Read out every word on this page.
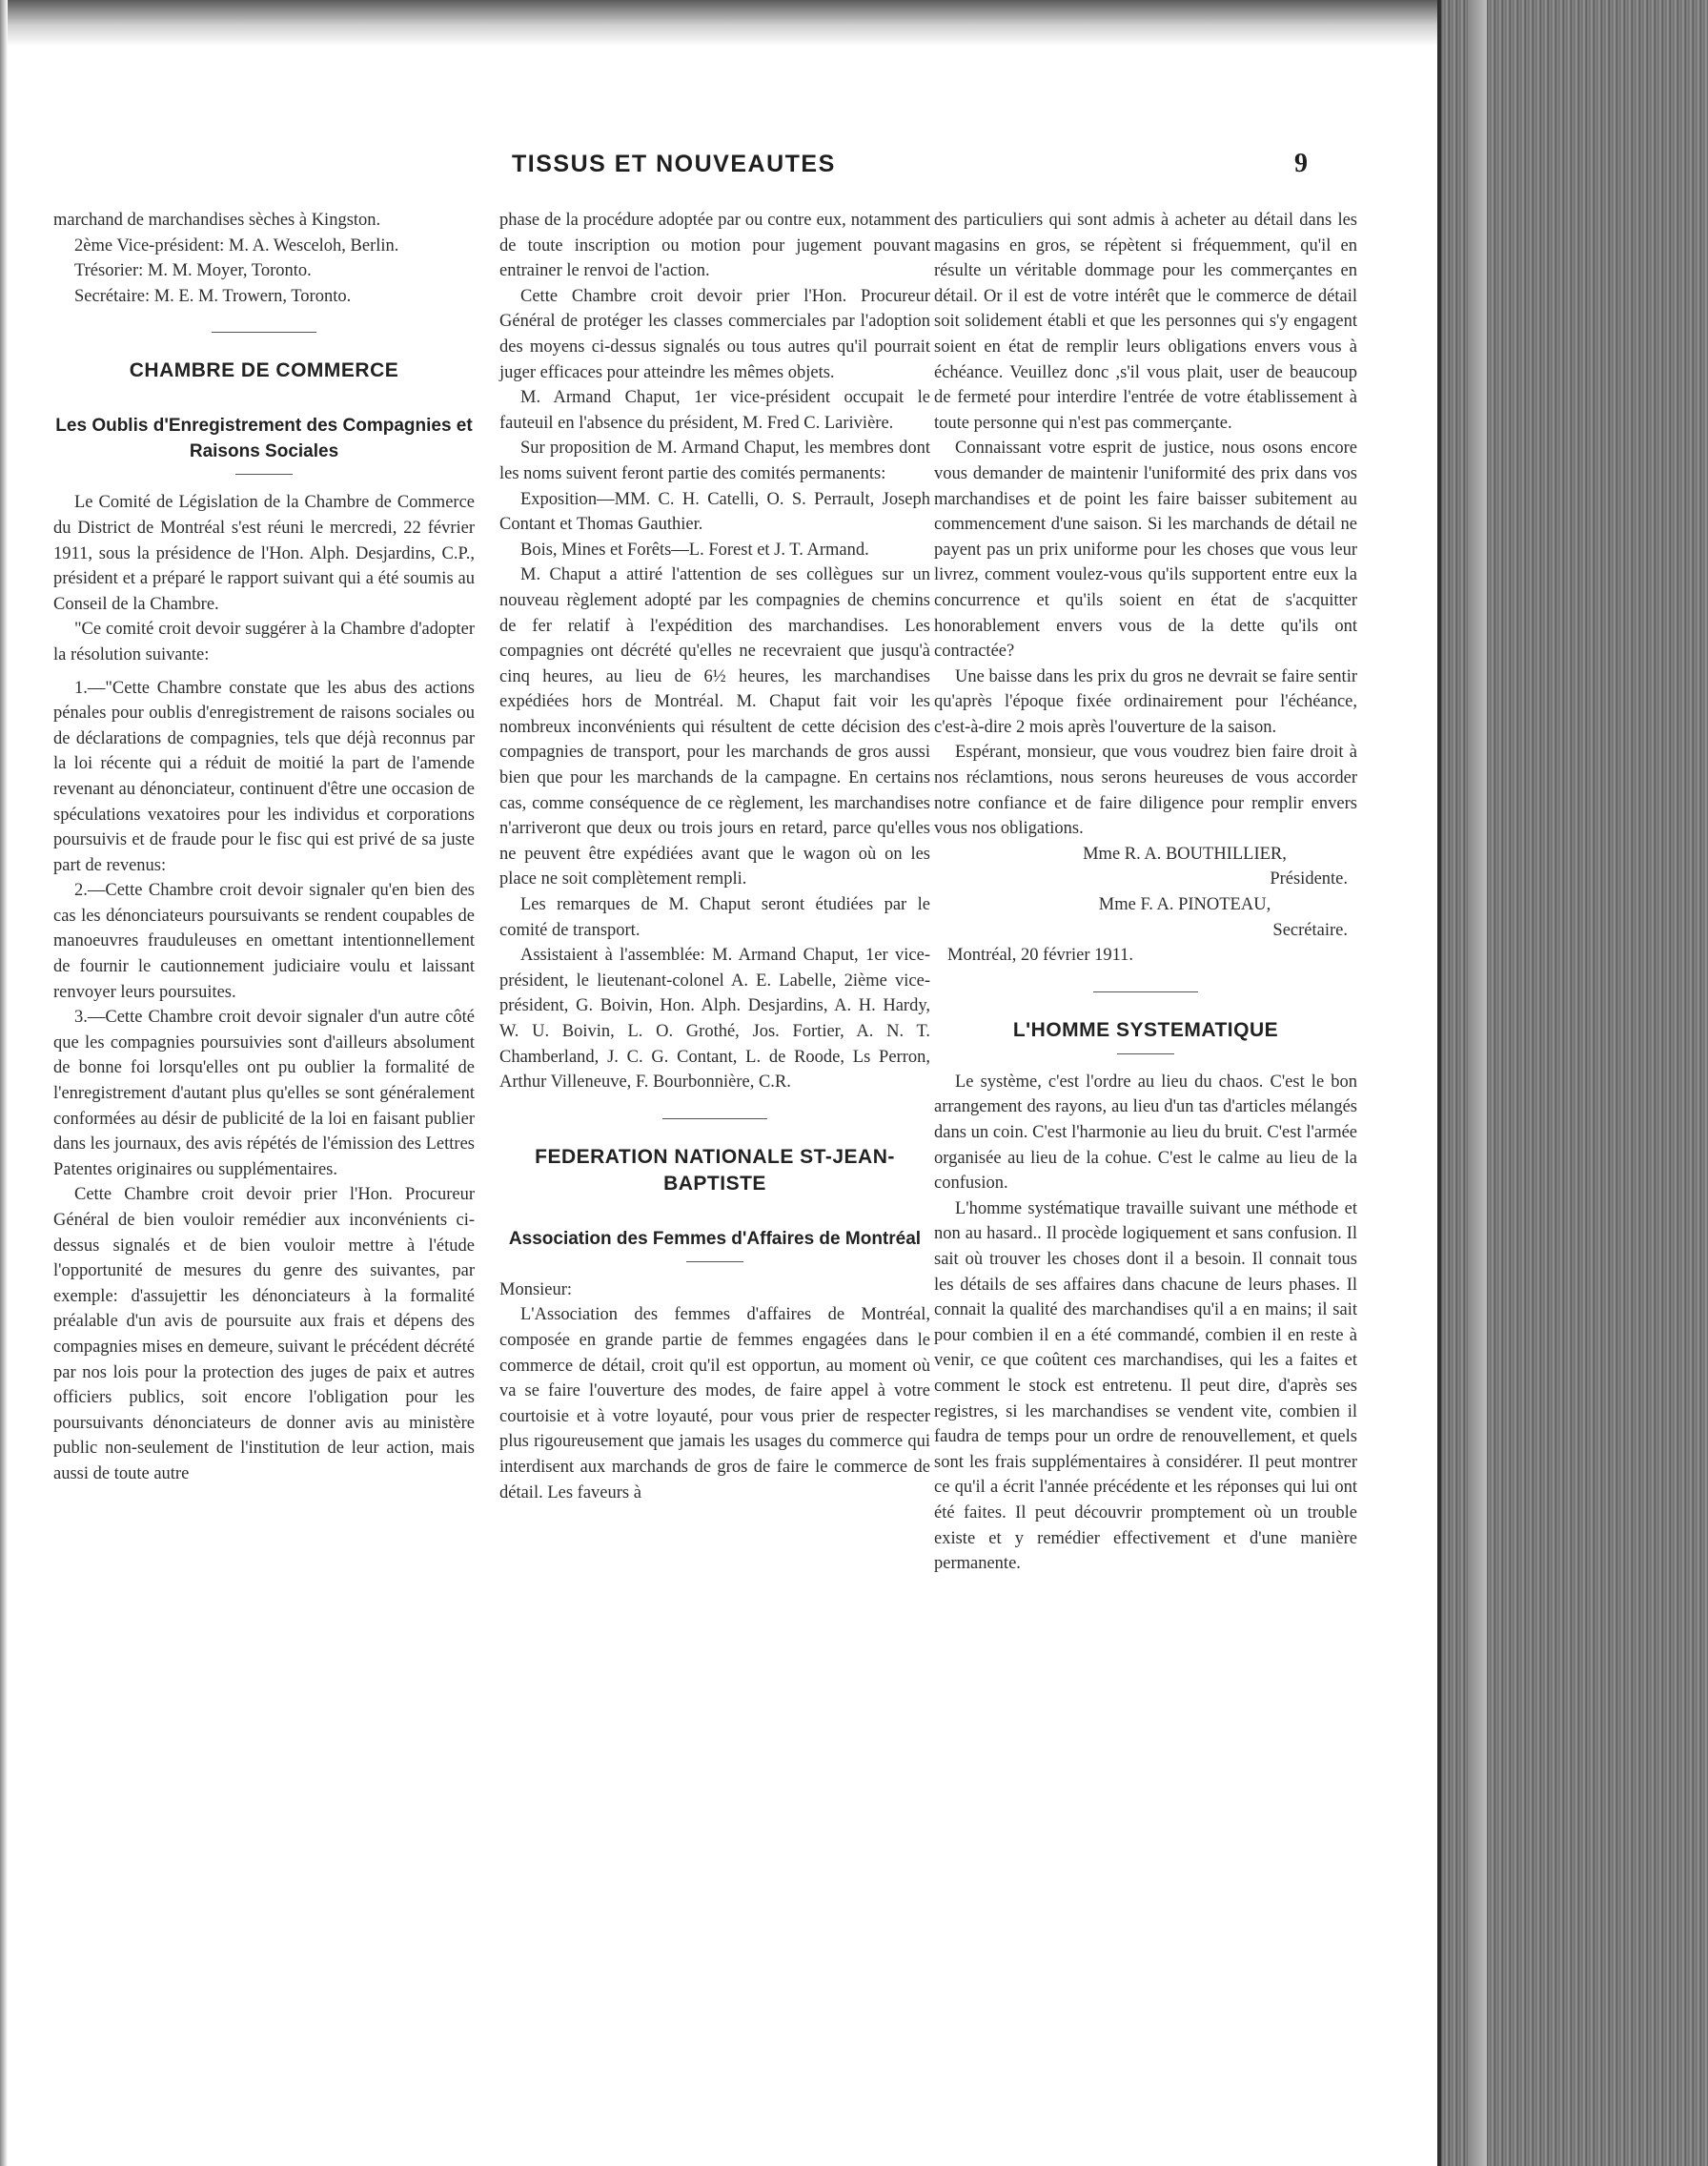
TISSUS ET NOUVEAUTES	9

marchand de marchandises sèches à Kingston.

2ème Vice-président: M. A. Wesceloh, Berlin.

Trésorier: M. M. Moyer, Toronto.

Secrétaire: M. E. M. Trowern, Toronto.

CHAMBRE DE COMMERCE
Les Oublis d'Enregistrement des Compagnies et Raisons Sociales

Le Comité de Législation de la Chambre de Commerce du District de Montréal s'est réuni le mercredi, 22 février 1911, sous la présidence de l'Hon. Alph. Desjardins, C.P., président et a préparé le rapport suivant qui a été soumis au Conseil de la Chambre.

"Ce comité croit devoir suggérer à la Chambre d'adopter la résolution suivante:

1.—"Cette Chambre constate que les abus des actions pénales pour oublis d'enregistrement de raisons sociales ou de déclarations de compagnies, tels que déjà reconnus par la loi récente qui a réduit de moitié la part de l'amende revenant au dénonciateur, continuent d'être une occasion de spéculations vexatoires pour les individus et corporations poursuivis et de fraude pour le fisc qui est privé de sa juste part de revenus:

2.—Cette Chambre croit devoir signaler qu'en bien des cas les dénonciateurs poursuivants se rendent coupables de manoeuvres frauduleuses en omettant intentionnellement de fournir le cautionnement judiciaire voulu et laissant renvoyer leurs poursuites.

3.—Cette Chambre croit devoir signaler d'un autre côté que les compagnies poursuivies sont d'ailleurs absolument de bonne foi lorsqu'elles ont pu oublier la formalité de l'enregistrement d'autant plus qu'elles se sont généralement conformées au désir de publicité de la loi en faisant publier dans les journaux, des avis répétés de l'émission des Lettres Patentes originaires ou supplémentaires.

Cette Chambre croit devoir prier l'Hon. Procureur Général de bien vouloir remédier aux inconvénients ci-dessus signalés et de bien vouloir mettre à l'étude l'opportunité de mesures du genre des suivantes, par exemple: d'assujettir les dénonciateurs à la formalité préalable d'un avis de poursuite aux frais et dépens des compagnies mises en demeure, suivant le précédent décrété par nos lois pour la protection des juges de paix et autres officiers publics, soit encore l'obligation pour les poursuivants dénonciateurs de donner avis au ministère public non-seulement de l'institution de leur action, mais aussi de toute autre

phase de la procédure adoptée par ou contre eux, notamment de toute inscription ou motion pour jugement pouvant entrainer le renvoi de l'action.

Cette Chambre croit devoir prier l'Hon. Procureur Général de protéger les classes commerciales par l'adoption des moyens ci-dessus signalés ou tous autres qu'il pourrait juger efficaces pour atteindre les mêmes objets.

M. Armand Chaput, 1er vice-président occupait le fauteuil en l'absence du président, M. Fred C. Larivière.

Sur proposition de M. Armand Chaput, les membres dont les noms suivent feront partie des comités permanents:

Exposition—MM. C. H. Catelli, O. S. Perrault, Joseph Contant et Thomas Gauthier.

Bois, Mines et Forêts—L. Forest et J. T. Armand.

M. Chaput a attiré l'attention de ses collègues sur un nouveau règlement adopté par les compagnies de chemins de fer relatif à l'expédition des marchandises. Les compagnies ont décrété qu'elles ne recevraient que jusqu'à cinq heures, au lieu de 6½ heures, les marchandises expédiées hors de Montréal. M. Chaput fait voir les nombreux inconvénients qui résultent de cette décision des compagnies de transport, pour les marchands de gros aussi bien que pour les marchands de la campagne. En certains cas, comme conséquence de ce règlement, les marchandises n'arriveront que deux ou trois jours en retard, parce qu'elles ne peuvent être expédiées avant que le wagon où on les place ne soit complètement rempli.

Les remarques de M. Chaput seront étudiées par le comité de transport.

Assistaient à l'assemblée: M. Armand Chaput, 1er vice-président, le lieutenant-colonel A. E. Labelle, 2ième vice-président, G. Boivin, Hon. Alph. Desjardins, A. H. Hardy, W. U. Boivin, L. O. Grothé, Jos. Fortier, A. N. T. Chamberland, J. C. G. Contant, L. de Roode, Ls Perron, Arthur Villeneuve, F. Bourbonnière, C.R.

FEDERATION NATIONALE ST-JEAN-BAPTISTE
Association des Femmes d'Affaires de Montréal

Monsieur:

L'Association des femmes d'affaires de Montréal, composée en grande partie de femmes engagées dans le commerce de détail, croit qu'il est opportun, au moment où va se faire l'ouverture des modes, de faire appel à votre courtoisie et à votre loyauté, pour vous prier de respecter plus rigoureusement que jamais les usages du commerce qui interdisent aux marchands de gros de faire le commerce de détail. Les faveurs à

des particuliers qui sont admis à acheter au détail dans les magasins en gros, se répètent si fréquemment, qu'il en résulte un véritable dommage pour les commerçantes en détail. Or il est de votre intérêt que le commerce de détail soit solidement établi et que les personnes qui s'y engagent soient en état de remplir leurs obligations envers vous à échéance. Veuillez donc ,s'il vous plait, user de beaucoup de fermeté pour interdire l'entrée de votre établissement à toute personne qui n'est pas commerçante.

Connaissant votre esprit de justice, nous osons encore vous demander de maintenir l'uniformité des prix dans vos marchandises et de point les faire baisser subitement au commencement d'une saison. Si les marchands de détail ne payent pas un prix uniforme pour les choses que vous leur livrez, comment voulez-vous qu'ils supportent entre eux la concurrence et qu'ils soient en état de s'acquitter honorablement envers vous de la dette qu'ils ont contractée?

Une baisse dans les prix du gros ne devrait se faire sentir qu'après l'époque fixée ordinairement pour l'échéance, c'est-à-dire 2 mois après l'ouverture de la saison.

Espérant, monsieur, que vous voudrez bien faire droit à nos réclamtions, nous serons heureuses de vous accorder notre confiance et de faire diligence pour remplir envers vous nos obligations.

Mme R. A. BOUTHILLIER,

Présidente.

Mme F. A. PINOTEAU,

Secrétaire.

Montréal, 20 février 1911.

L'HOMME SYSTEMATIQUE

Le système, c'est l'ordre au lieu du chaos. C'est le bon arrangement des rayons, au lieu d'un tas d'articles mélangés dans un coin. C'est l'harmonie au lieu du bruit. C'est l'armée organisée au lieu de la cohue. C'est le calme au lieu de la confusion.

L'homme systématique travaille suivant une méthode et non au hasard.. Il procède logiquement et sans confusion. Il sait où trouver les choses dont il a besoin. Il connait tous les détails de ses affaires dans chacune de leurs phases. Il connait la qualité des marchandises qu'il a en mains; il sait pour combien il en a été commandé, combien il en reste à venir, ce que coûtent ces marchandises, qui les a faites et comment le stock est entretenu. Il peut dire, d'après ses registres, si les marchandises se vendent vite, combien il faudra de temps pour un ordre de renouvellement, et quels sont les frais supplémentaires à considérer. Il peut montrer ce qu'il a écrit l'année précédente et les réponses qui lui ont été faites. Il peut découvrir promptement où un trouble existe et y remédier effectivement et d'une manière permanente.
